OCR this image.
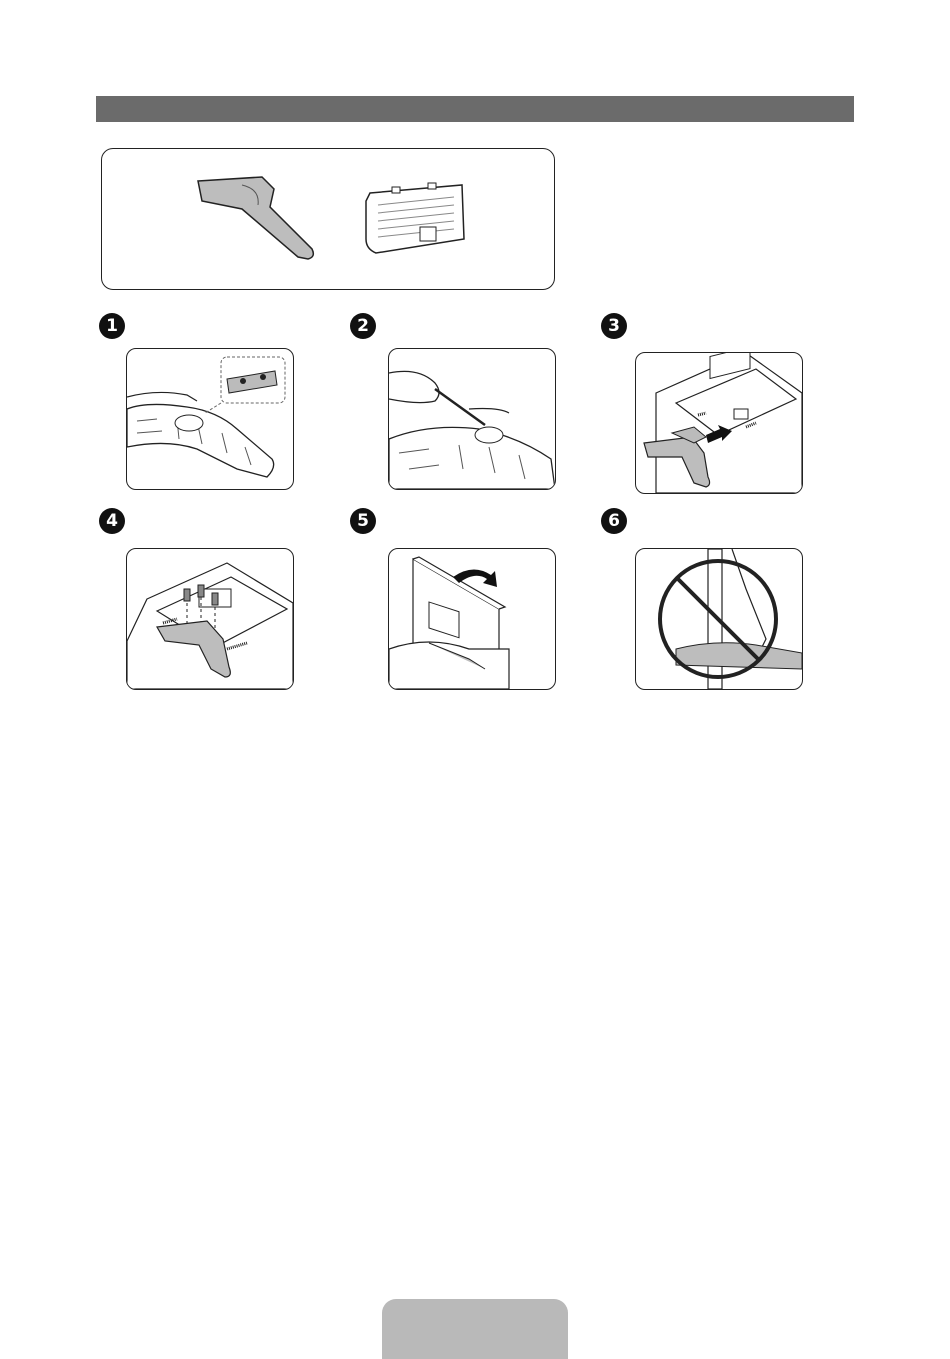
1	2	3
4	5	6
